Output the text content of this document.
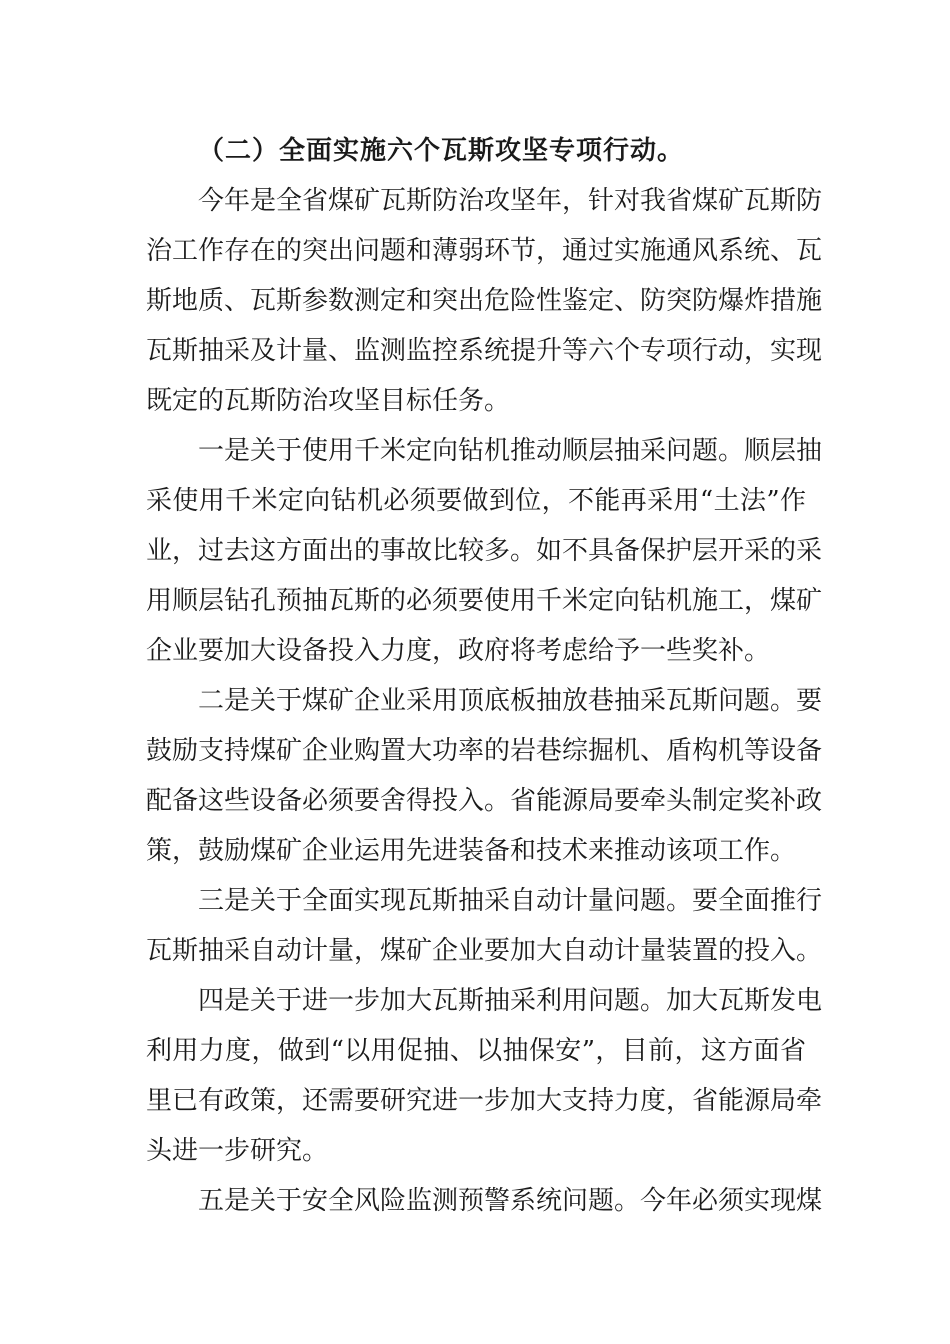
（二）全面实施六个瓦斯攻坚专项行动。
今年是全省煤矿瓦斯防治攻坚年，针对我省煤矿瓦斯防
治工作存在的突出问题和薄弱环节，通过实施通风系统、瓦
斯地质、瓦斯参数测定和突出危险性鉴定、防突防爆炸措施
瓦斯抽采及计量、监测监控系统提升等六个专项行动，实现
既定的瓦斯防治攻坚目标任务。
一是关于使用千米定向钻机推动顺层抽采问题。顺层抽
采使用千米定向钻机必须要做到位，不能再采用“土法”作
业，过去这方面出的事故比较多。如不具备保护层开采的采
用顺层钻孔预抽瓦斯的必须要使用千米定向钻机施工，煤矿
企业要加大设备投入力度，政府将考虑给予一些奖补。
二是关于煤矿企业采用顶底板抽放巷抽采瓦斯问题。要
鼓励支持煤矿企业购置大功率的岩巷综掘机、盾构机等设备
配备这些设备必须要舍得投入。省能源局要牵头制定奖补政
策，鼓励煤矿企业运用先进装备和技术来推动该项工作。
三是关于全面实现瓦斯抽采自动计量问题。要全面推行
瓦斯抽采自动计量，煤矿企业要加大自动计量装置的投入。
四是关于进一步加大瓦斯抽采利用问题。加大瓦斯发电
利用力度，做到“以用促抽、以抽保安”，目前，这方面省
里已有政策，还需要研究进一步加大支持力度，省能源局牵
头进一步研究。
五是关于安全风险监测预警系统问题。今年必须实现煤
